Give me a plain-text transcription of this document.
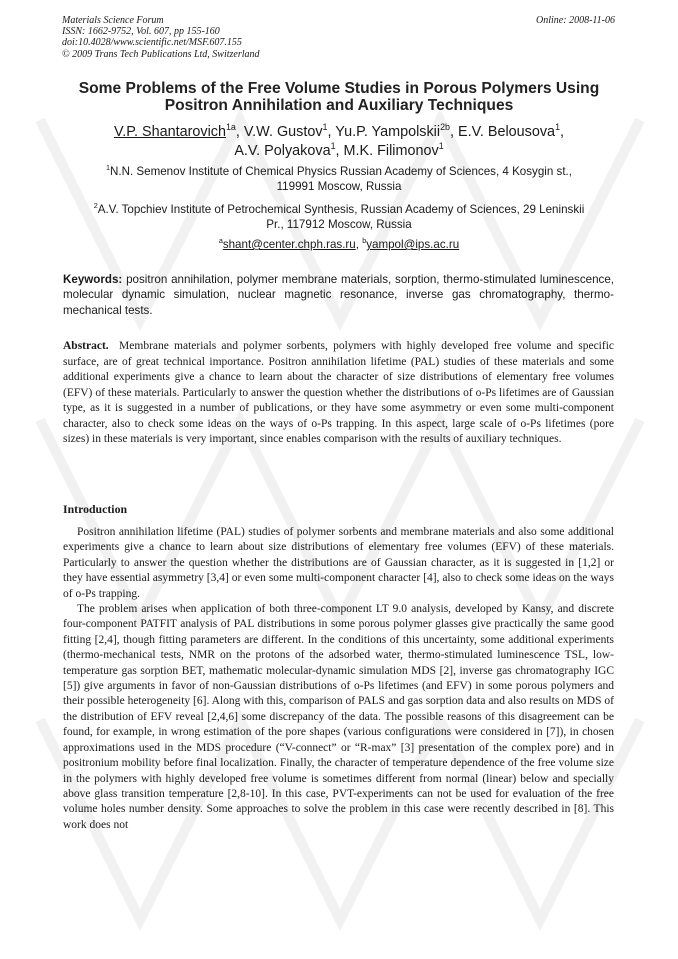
Materials Science Forum
ISSN: 1662-9752, Vol. 607, pp 155-160
doi:10.4028/www.scientific.net/MSF.607.155
© 2009 Trans Tech Publications Ltd, Switzerland
Online: 2008-11-06
Some Problems of the Free Volume Studies in Porous Polymers Using
Positron Annihilation and Auxiliary Techniques
V.P. Shantarovich$^{1a}$, V.W. Gustov$^1$, Yu.P. Yampolskii$^{2b}$, E.V. Belousova$^1$,
A.V. Polyakova$^1$, M.K. Filimonov$^1$
$^1$N.N. Semenov Institute of Chemical Physics Russian Academy of Sciences, 4 Kosygin st.,
119991 Moscow, Russia
$^2$A.V. Topchiev Institute of Petrochemical Synthesis, Russian Academy of Sciences, 29 Leninskii
Pr., 117912 Moscow, Russia
$^a$shant@center.chph.ras.ru, $^b$yampol@ips.ac.ru
Keywords: positron annihilation, polymer membrane materials, sorption, thermo-stimulated luminescence, molecular dynamic simulation, nuclear magnetic resonance, inverse gas chromatography, thermo-mechanical tests.

Abstract. Membrane materials and polymer sorbents, polymers with highly developed free volume and specific surface, are of great technical importance. Positron annihilation lifetime (PAL) studies of these materials and some additional experiments give a chance to learn about the character of size distributions of elementary free volumes (EFV) of these materials. Particularly to answer the question whether the distributions of o-Ps lifetimes are of Gaussian type, as it is suggested in a number of publications, or they have some asymmetry or even some multi-component character, also to check some ideas on the ways of o-Ps trapping. In this aspect, large scale of o-Ps lifetimes (pore sizes) in these materials is very important, since enables comparison with the results of auxiliary techniques.

Introduction

Positron annihilation lifetime (PAL) studies of polymer sorbents and membrane materials and also some additional experiments give a chance to learn about size distributions of elementary free volumes (EFV) of these materials. Particularly to answer the question whether the distributions are of Gaussian character, as it is suggested in [1,2] or they have essential asymmetry [3,4] or even some multi-component character [4], also to check some ideas on the ways of o-Ps trapping.

The problem arises when application of both three-component LT 9.0 analysis, developed by Kansy, and discrete four-component PATFIT analysis of PAL distributions in some porous polymer glasses give practically the same good fitting [2,4], though fitting parameters are different. In the conditions of this uncertainty, some additional experiments (thermo-mechanical tests, NMR on the protons of the adsorbed water, thermo-stimulated luminescence TSL, low-temperature gas sorption BET, mathematic molecular-dynamic simulation MDS [2], inverse gas chromatography IGC [5]) give arguments in favor of non-Gaussian distributions of o-Ps lifetimes (and EFV) in some porous polymers and their possible heterogeneity [6]. Along with this, comparison of PALS and gas sorption data and also results on MDS of the distribution of EFV reveal [2,4,6] some discrepancy of the data. The possible reasons of this disagreement can be found, for example, in wrong estimation of the pore shapes (various configurations were considered in [7]), in chosen approximations used in the MDS procedure (“V-connect” or “R-max” [3] presentation of the complex pore) and in positronium mobility before final localization. Finally, the character of temperature dependence of the free volume size in the polymers with highly developed free volume is sometimes different from normal (linear) below and specially above glass transition temperature [2,8-10]. In this case, PVT-experiments can not be used for evaluation of the free volume holes number density. Some approaches to solve the problem in this case were recently described in [8]. This work does not
